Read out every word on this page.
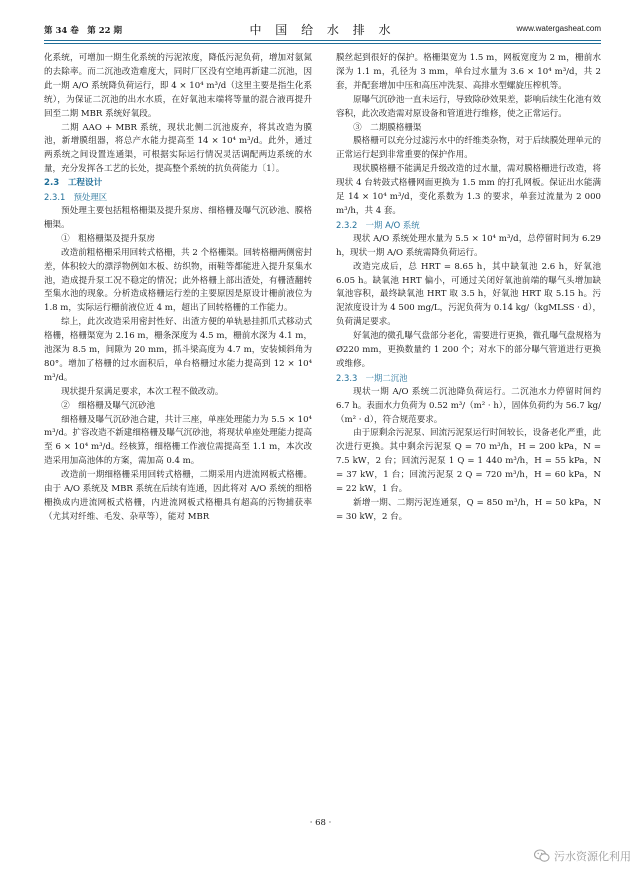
第 34 卷　第 22 期	中 国 给 水 排 水	www.watergasheat.com

化系统，可增加一期生化系统的污泥浓度，降低污泥负荷，增加对氨氮的去除率。而二沉池改造难度大，同时厂区没有空地再新建二沉池，因此一期 A/O 系统降负荷运行，即 4 × 10⁴ m³/d（这里主要是指生化系统），为保证二沉池的出水水质，在好氧池末端将等量的混合液再提升回至二期 MBR 系统好氧段。

二期 AAO + MBR 系统，现状北侧二沉池废弃，将其改造为膜池，新增膜组器，将总产水能力提高至 14 × 10⁴ m³/d。此外，通过两系统之间设置连通渠，可根据实际运行情况灵活调配两边系统的水量，充分发挥各工艺的长处，提高整个系统的抗负荷能力〔1〕。

2.3　工程设计

2.3.1　预处理区

预处理主要包括粗格栅渠及提升泵房、细格栅及曝气沉砂池、膜格栅渠。

①　粗格栅渠及提升泵房

改造前粗格栅采用回转式格栅，共 2 个格栅渠。回转格栅两侧密封差，体积较大的漂浮物例如木板、纺织物，雨鞋等都能进入提升泵集水池，造成提升泵工况不稳定的情况；此外格栅上部出渣处，有栅渣翻转至集水池的现象。分析造成格栅运行差的主要原因是原设计栅前液位为 1.8 m，实际运行栅前液位近 4 m，超出了回转格栅的工作能力。

综上，此次改造采用密封性好、出渣方便的单轨悬挂抓爪式移动式格栅，格栅渠宽为 2.16 m，栅条深度为 4.5 m，栅前水深为 4.1 m，池深为 8.5 m，间隙为 20 mm，抓斗梁高度为 4.7 m，安装倾斜角为 80°。增加了格栅的过水面积后，单台格栅过水能力提高到 12 × 10⁴ m³/d。

现状提升泵满足要求，本次工程不做改动。

②　细格栅及曝气沉砂池

细格栅及曝气沉砂池合建，共计三座，单座处理能力为 5.5 × 10⁴ m³/d。扩容改造不新建细格栅及曝气沉砂池，将现状单座处理能力提高至 6 × 10⁴ m³/d。经核算，细格栅工作液位需提高至 1.1 m，本次改造采用加高池体的方案，需加高 0.4 m。

改造前一期细格栅采用回转式格栅，二期采用内进流网板式格栅。由于 A/O 系统及 MBR 系统在后续有连通，因此将对 A/O 系统的细格栅换成内进流网板式格栅，内进流网板式格栅具有超高的污物捕获率（尤其对纤维、毛发、杂草等），能对 MBR

膜丝起到很好的保护。格栅渠宽为 1.5 m，网板宽度为 2 m，栅前水深为 1.1 m，孔径为 3 mm，单台过水量为 3.6 × 10⁴ m³/d，共 2 套，并配套增加中压和高压冲洗泵、高排水型螺旋压榨机等。

原曝气沉砂池一直未运行，导致除砂效果差，影响后续生化池有效容积，此次改造需对原设备和管道进行维修，使之正常运行。

③　二期膜格栅渠

膜格栅可以充分过滤污水中的纤维类杂物，对于后续膜处理单元的正常运行起到非常重要的保护作用。

现状膜格栅不能满足升级改造的过水量，需对膜格栅进行改造，将现状 4 台转鼓式格栅网面更换为 1.5 mm 的打孔网板。保证出水能满足 14 × 10⁴ m³/d，变化系数为 1.3 的要求，单套过流量为 2 000 m³/h，共 4 套。

2.3.2　一期 A/O 系统

现状 A/O 系统处理水量为 5.5 × 10⁴ m³/d，总停留时间为 6.29 h，现状一期 A/O 系统需降负荷运行。

改造完成后，总 HRT = 8.65 h，其中缺氧池 2.6 h，好氧池 6.05 h。缺氧池 HRT 偏小，可通过关闭好氧池前端的曝气头增加缺氧池容积，最终缺氧池 HRT 取 3.5 h，好氧池 HRT 取 5.15 h。污泥浓度设计为 4 500 mg/L，污泥负荷为 0.14 kg/（kgMLSS · d），负荷满足要求。

好氧池的微孔曝气盘部分老化，需要进行更换，微孔曝气盘规格为 Ø220 mm，更换数量约 1 200 个；对水下的部分曝气管道进行更换或维修。

2.3.3　一期二沉池

现状一期 A/O 系统二沉池降负荷运行。二沉池水力停留时间约 6.7 h。表面水力负荷为 0.52 m³/（m² · h），固体负荷约为 56.7 kg/（m² · d），符合规范要求。

由于原剩余污泥泵、回流污泥泵运行时间较长，设备老化严重，此次进行更换。其中剩余污泥泵 Q = 70 m³/h，H = 200 kPa，N = 7.5 kW，2 台；回流污泥泵 1 Q = 1 440 m³/h，H = 55 kPa，N = 37 kW，1 台；回流污泥泵 2 Q = 720 m³/h，H = 60 kPa，N = 22 kW，1 台。

新增一期、二期污泥连通泵，Q = 850 m³/h，H = 50 kPa，N = 30 kW，2 台。

· 68 ·
污水资源化利用
